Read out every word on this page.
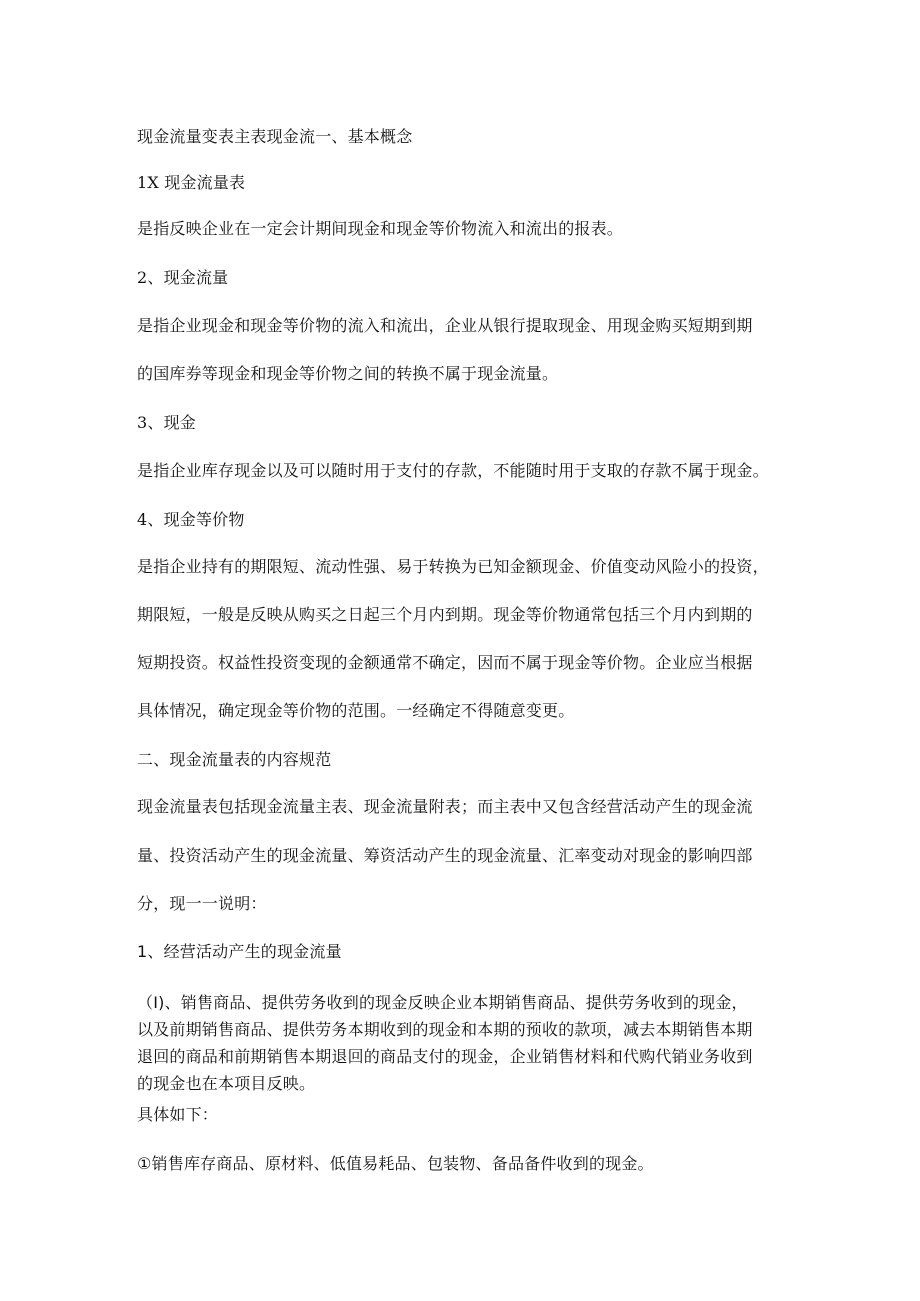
现金流量变表主表现金流一、基本概念
1X 现金流量表
是指反映企业在一定会计期间现金和现金等价物流入和流出的报表。
2、现金流量
是指企业现金和现金等价物的流入和流出，企业从银行提取现金、用现金购买短期到期
的国库券等现金和现金等价物之间的转换不属于现金流量。
3、现金
是指企业库存现金以及可以随时用于支付的存款，不能随时用于支取的存款不属于现金。
4、现金等价物
是指企业持有的期限短、流动性强、易于转换为已知金额现金、价值变动风险小的投资，
期限短，一般是反映从购买之日起三个月内到期。现金等价物通常包括三个月内到期的
短期投资。权益性投资变现的金额通常不确定，因而不属于现金等价物。企业应当根据
具体情况，确定现金等价物的范围。一经确定不得随意变更。
二、现金流量表的内容规范
现金流量表包括现金流量主表、现金流量附表；而主表中又包含经营活动产生的现金流
量、投资活动产生的现金流量、筹资活动产生的现金流量、汇率变动对现金的影响四部
分，现一一说明：
1、经营活动产生的现金流量
（I)、销售商品、提供劳务收到的现金反映企业本期销售商品、提供劳务收到的现金，
以及前期销售商品、提供劳务本期收到的现金和本期的预收的款项，减去本期销售本期
退回的商品和前期销售本期退回的商品支付的现金，企业销售材料和代购代销业务收到
的现金也在本项目反映。
具体如下：
①销售库存商品、原材料、低值易耗品、包装物、备品备件收到的现金。
